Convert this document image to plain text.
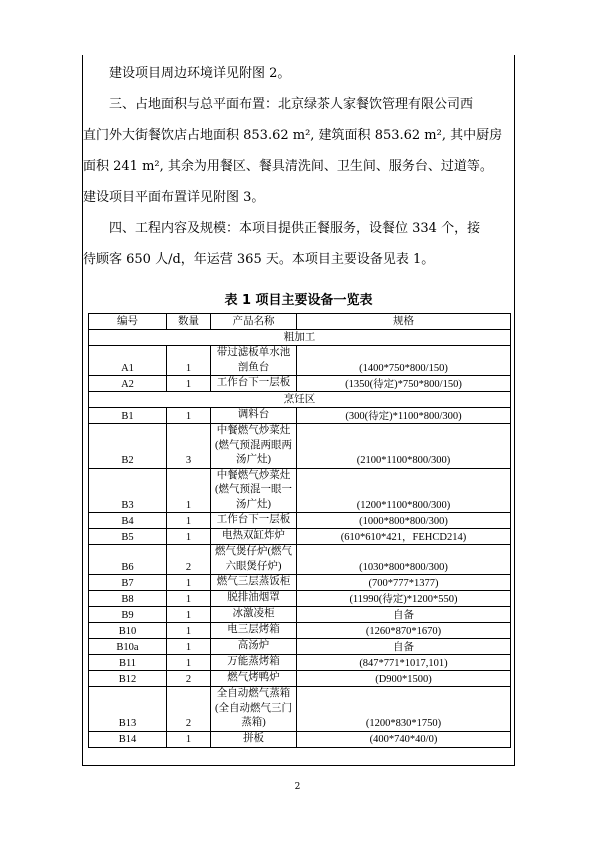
建设项目周边环境详见附图 2。
三、占地面积与总平面布置：北京绿茶人家餐饮管理有限公司西
直门外大街餐饮店占地面积 853.62 m², 建筑面积 853.62 m², 其中厨房
面积 241 m², 其余为用餐区、餐具清洗间、卫生间、服务台、过道等。
建设项目平面布置详见附图 3。
四、工程内容及规模：本项目提供正餐服务，设餐位 334 个，接
待顾客 650 人/d，年运营 365 天。本项目主要设备见表 1。
表 1 项目主要设备一览表
编号	数量	产品名称	规格
粗加工			
A1	1	带过滤板单水池剖鱼台	(1400*750*800/150)
A2	1	工作台下一层板	(1350(待定)*750*800/150)
烹饪区			
B1	1	调料台	(300(待定)*1100*800/300)
B2	3	中餐燃气炒菜灶(燃气预混两眼两汤广灶)	(2100*1100*800/300)
B3	1	中餐燃气炒菜灶(燃气预混一眼一汤广灶)	(1200*1100*800/300)
B4	1	工作台下一层板	(1000*800*800/300)
B5	1	电热双缸炸炉	(610*610*421，FEHCD214)
B6	2	燃气煲仔炉(燃气六眼煲仔炉)	(1030*800*800/300)
B7	1	燃气三层蒸饭柜	(700*777*1377)
B8	1	脱排油烟罩	(11990(待定)*1200*550)
B9	1	冰激凌柜	自备
B10	1	电三层烤箱	(1260*870*1670)
B10a	1	高汤炉	自备
B11	1	万能蒸烤箱	(847*771*1017,101)
B12	2	燃气烤鸭炉	(D900*1500)
B13	2	全自动燃气蒸箱(全自动燃气三门蒸箱)	(1200*830*1750)
B14	1	拼板	(400*740*40/0)
2
